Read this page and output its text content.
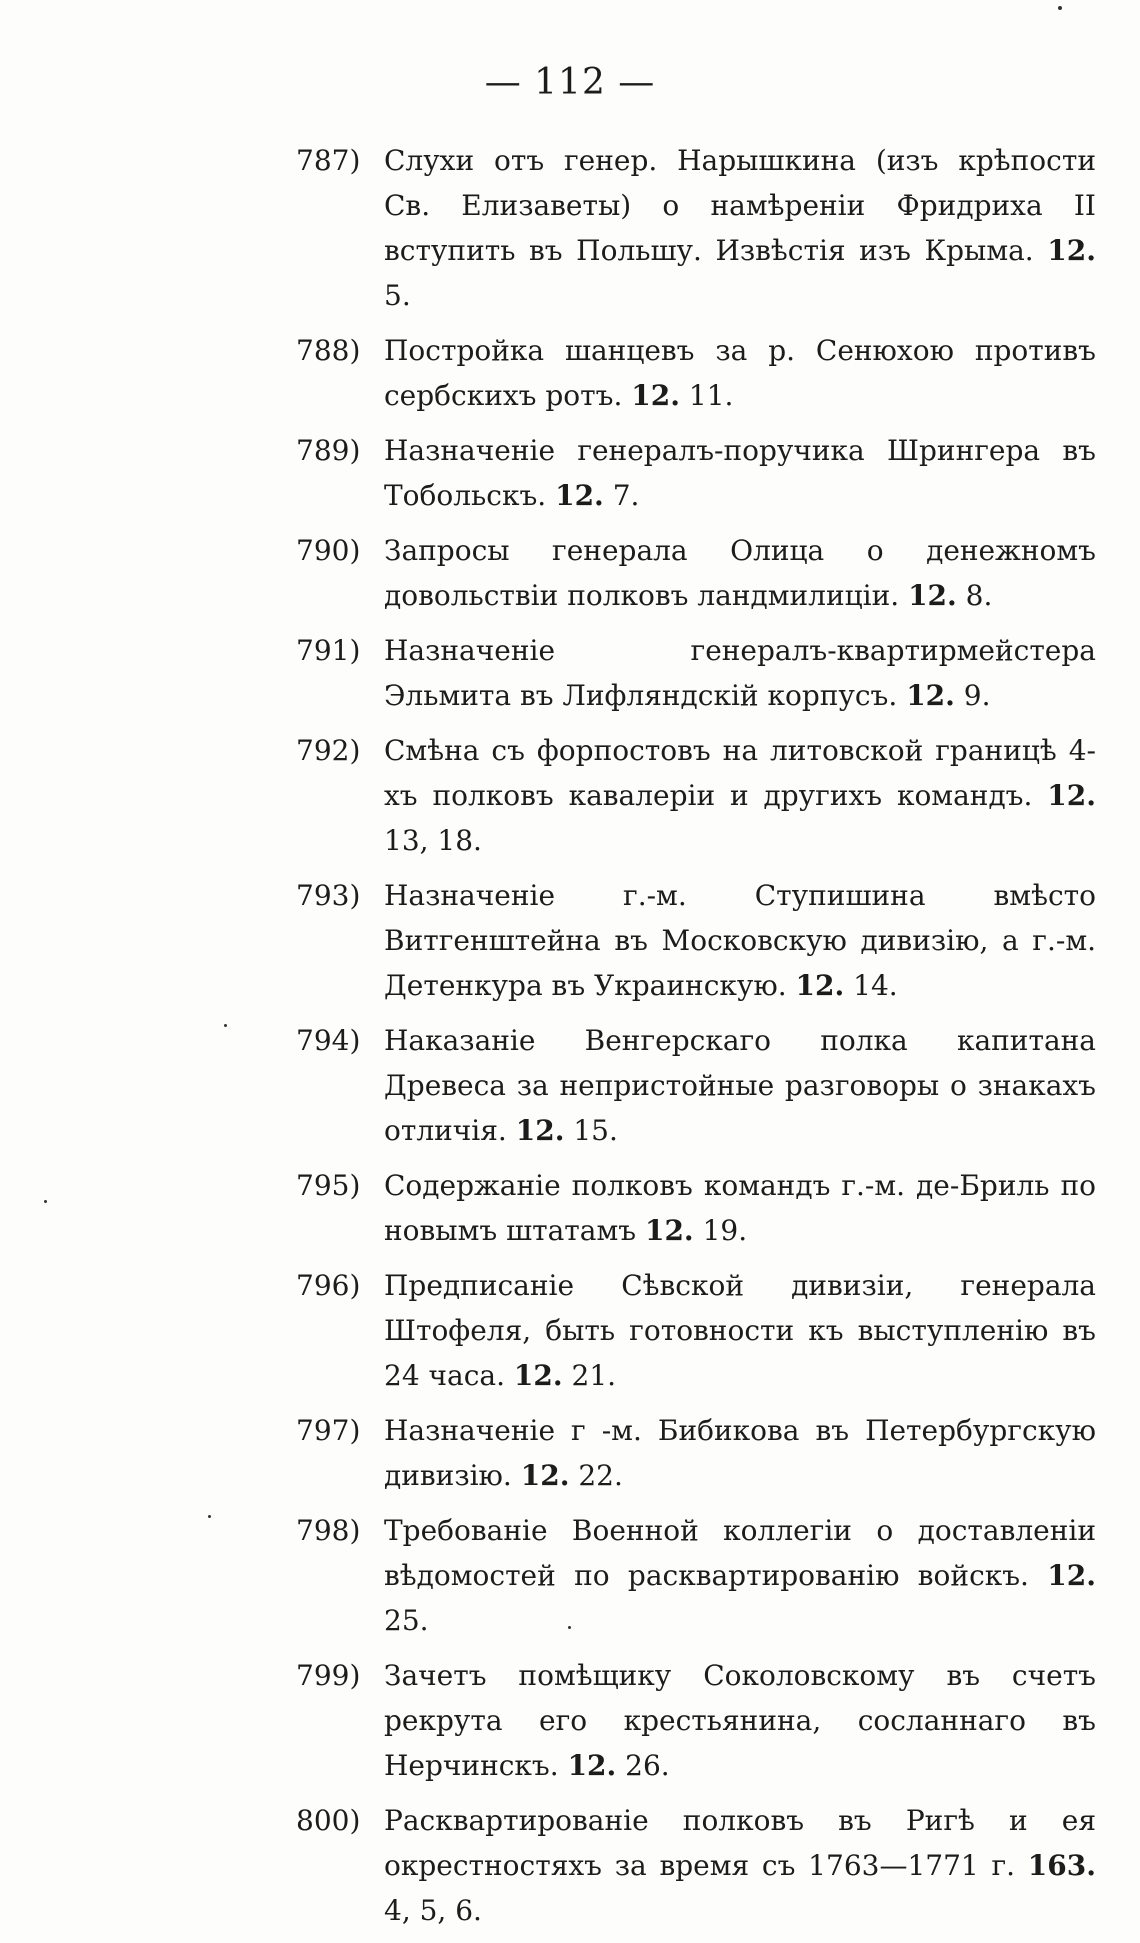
— 112 —
787) Слухи отъ генер. Нарышкина (изъ крѣпости Св. Елизаветы) о намѣреніи Фридриха II вступить въ Польшу. Извѣстія изъ Крыма. 12. 5.
788) Постройка шанцевъ за р. Сенюхою противъ сербскихъ ротъ. 12. 11.
789) Назначеніе генералъ-поручика Шрингера въ Тобольскъ. 12. 7.
790) Запросы генерала Олица о денежномъ довольствіи полковъ ландмилиціи. 12. 8.
791) Назначеніе генералъ-квартирмейстера Эльмита въ Лифляндскій корпусъ. 12. 9.
792) Смѣна съ форпостовъ на литовской границѣ 4-хъ полковъ кавалеріи и другихъ командъ. 12. 13, 18.
793) Назначеніе г.-м. Ступишина вмѣсто Витгенштейна въ Московскую дивизію, а г.-м. Детенкура въ Украинскую. 12. 14.
794) Наказаніе Венгерскаго полка капитана Древеса за непристойные разговоры о знакахъ отличія. 12. 15.
795) Содержаніе полковъ командъ г.-м. де-Бриль по новымъ штатамъ 12. 19.
796) Предписаніе Сѣвской дивизіи, генерала Штофеля, быть готовности къ выступленію въ 24 часа. 12. 21.
797) Назначеніе г -м. Бибикова въ Петербургскую дивизію. 12. 22.
798) Требованіе Военной коллегіи о доставленіи вѣдомостей по расквартированію войскъ. 12. 25.
799) Зачетъ помѣщику Соколовскому въ счетъ рекрута его крестьянина, сосланнаго въ Нерчинскъ. 12. 26.
800) Расквартированіе полковъ въ Ригѣ и ея окрестностяхъ за время съ 1763—1771 г. 163. 4, 5, 6.
